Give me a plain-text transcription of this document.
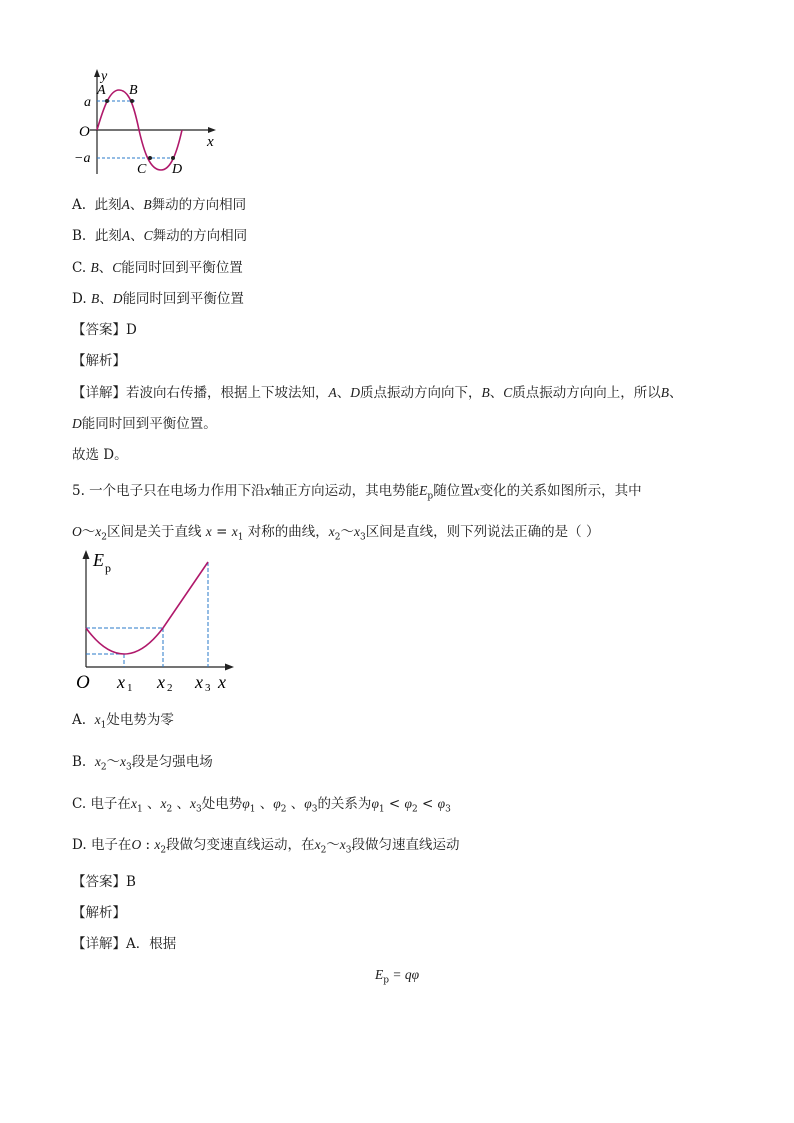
y
x
O
a
−a
A B
C D
A. 此刻A、B舞动的方向相同
B. 此刻A、C舞动的方向相同
C. B、C能同时回到平衡位置
D. B、D能同时回到平衡位置
【答案】D
【解析】
【详解】若波向右传播，根据上下坡法知，A、D质点振动方向向下，B、C质点振动方向向上，所以B、
D能同时回到平衡位置。
故选 D。
5. 一个电子只在电场力作用下沿x轴正方向运动，其电势能$E_p$随位置x变化的关系如图所示，其中
$O\sim x_2$区间是关于直线 $x = x_1$ 对称的曲线，$x_2\sim x_3$区间是直线，则下列说法正确的是（ ）
E p
O x 1 x 2 x 3 x
A. $x_1$处电势为零
B. $x_2\sim x_3$段是匀强电场
C. 电子在$x_1$ 、$x_2$ 、$x_3$处电势$\varphi_1$ 、$\varphi_2$ 、$\varphi_3$的关系为$\varphi_1 < \varphi_2 < \varphi_3$
D. 电子在O : $x_2$段做匀变速直线运动，在$x_2\sim x_3$段做匀速直线运动
【答案】B
【解析】
【详解】A．根据
$E_p = q\varphi$
